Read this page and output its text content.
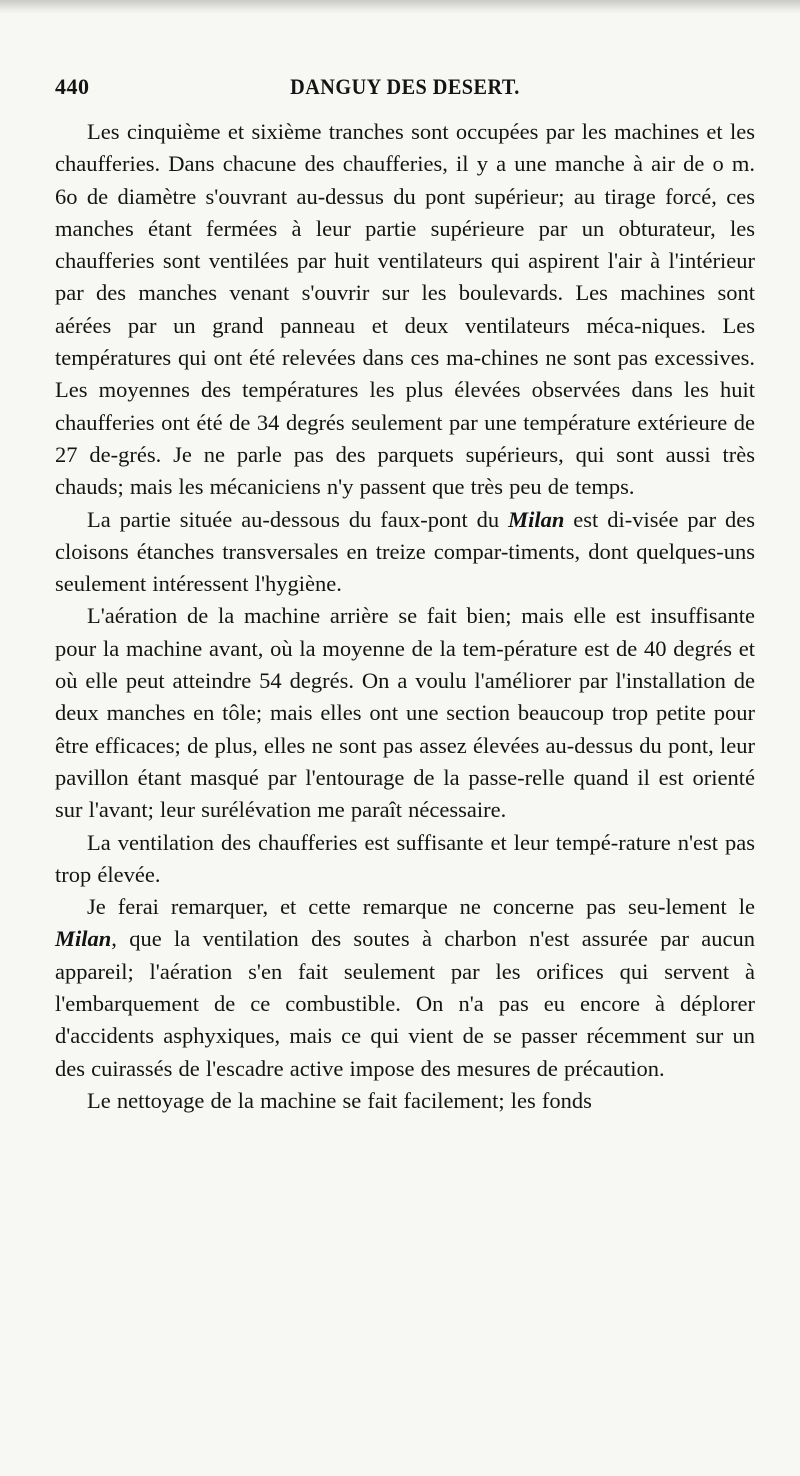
440	DANGUY DES DESERT.

Les cinquième et sixième tranches sont occupées par les machines et les chaufferies. Dans chacune des chaufferies, il y a une manche à air de o m. 6o de diamètre s'ouvrant au-dessus du pont supérieur; au tirage forcé, ces manches étant fermées à leur partie supérieure par un obturateur, les chaufferies sont ventilées par huit ventilateurs qui aspirent l'air à l'intérieur par des manches venant s'ouvrir sur les boulevards. Les machines sont aérées par un grand panneau et deux ventilateurs méca-niques. Les températures qui ont été relevées dans ces ma-chines ne sont pas excessives. Les moyennes des températures les plus élevées observées dans les huit chaufferies ont été de 34 degrés seulement par une température extérieure de 27 de-grés. Je ne parle pas des parquets supérieurs, qui sont aussi très chauds; mais les mécaniciens n'y passent que très peu de temps.

La partie située au-dessous du faux-pont du Milan est di-visée par des cloisons étanches transversales en treize compar-timents, dont quelques-uns seulement intéressent l'hygiène.

L'aération de la machine arrière se fait bien; mais elle est insuffisante pour la machine avant, où la moyenne de la tem-pérature est de 40 degrés et où elle peut atteindre 54 degrés. On a voulu l'améliorer par l'installation de deux manches en tôle; mais elles ont une section beaucoup trop petite pour être efficaces; de plus, elles ne sont pas assez élevées au-dessus du pont, leur pavillon étant masqué par l'entourage de la passe-relle quand il est orienté sur l'avant; leur surélévation me paraît nécessaire.

La ventilation des chaufferies est suffisante et leur tempé-rature n'est pas trop élevée.

Je ferai remarquer, et cette remarque ne concerne pas seu-lement le Milan, que la ventilation des soutes à charbon n'est assurée par aucun appareil; l'aération s'en fait seulement par les orifices qui servent à l'embarquement de ce combustible. On n'a pas eu encore à déplorer d'accidents asphyxiques, mais ce qui vient de se passer récemment sur un des cuirassés de l'escadre active impose des mesures de précaution.

Le nettoyage de la machine se fait facilement; les fonds
